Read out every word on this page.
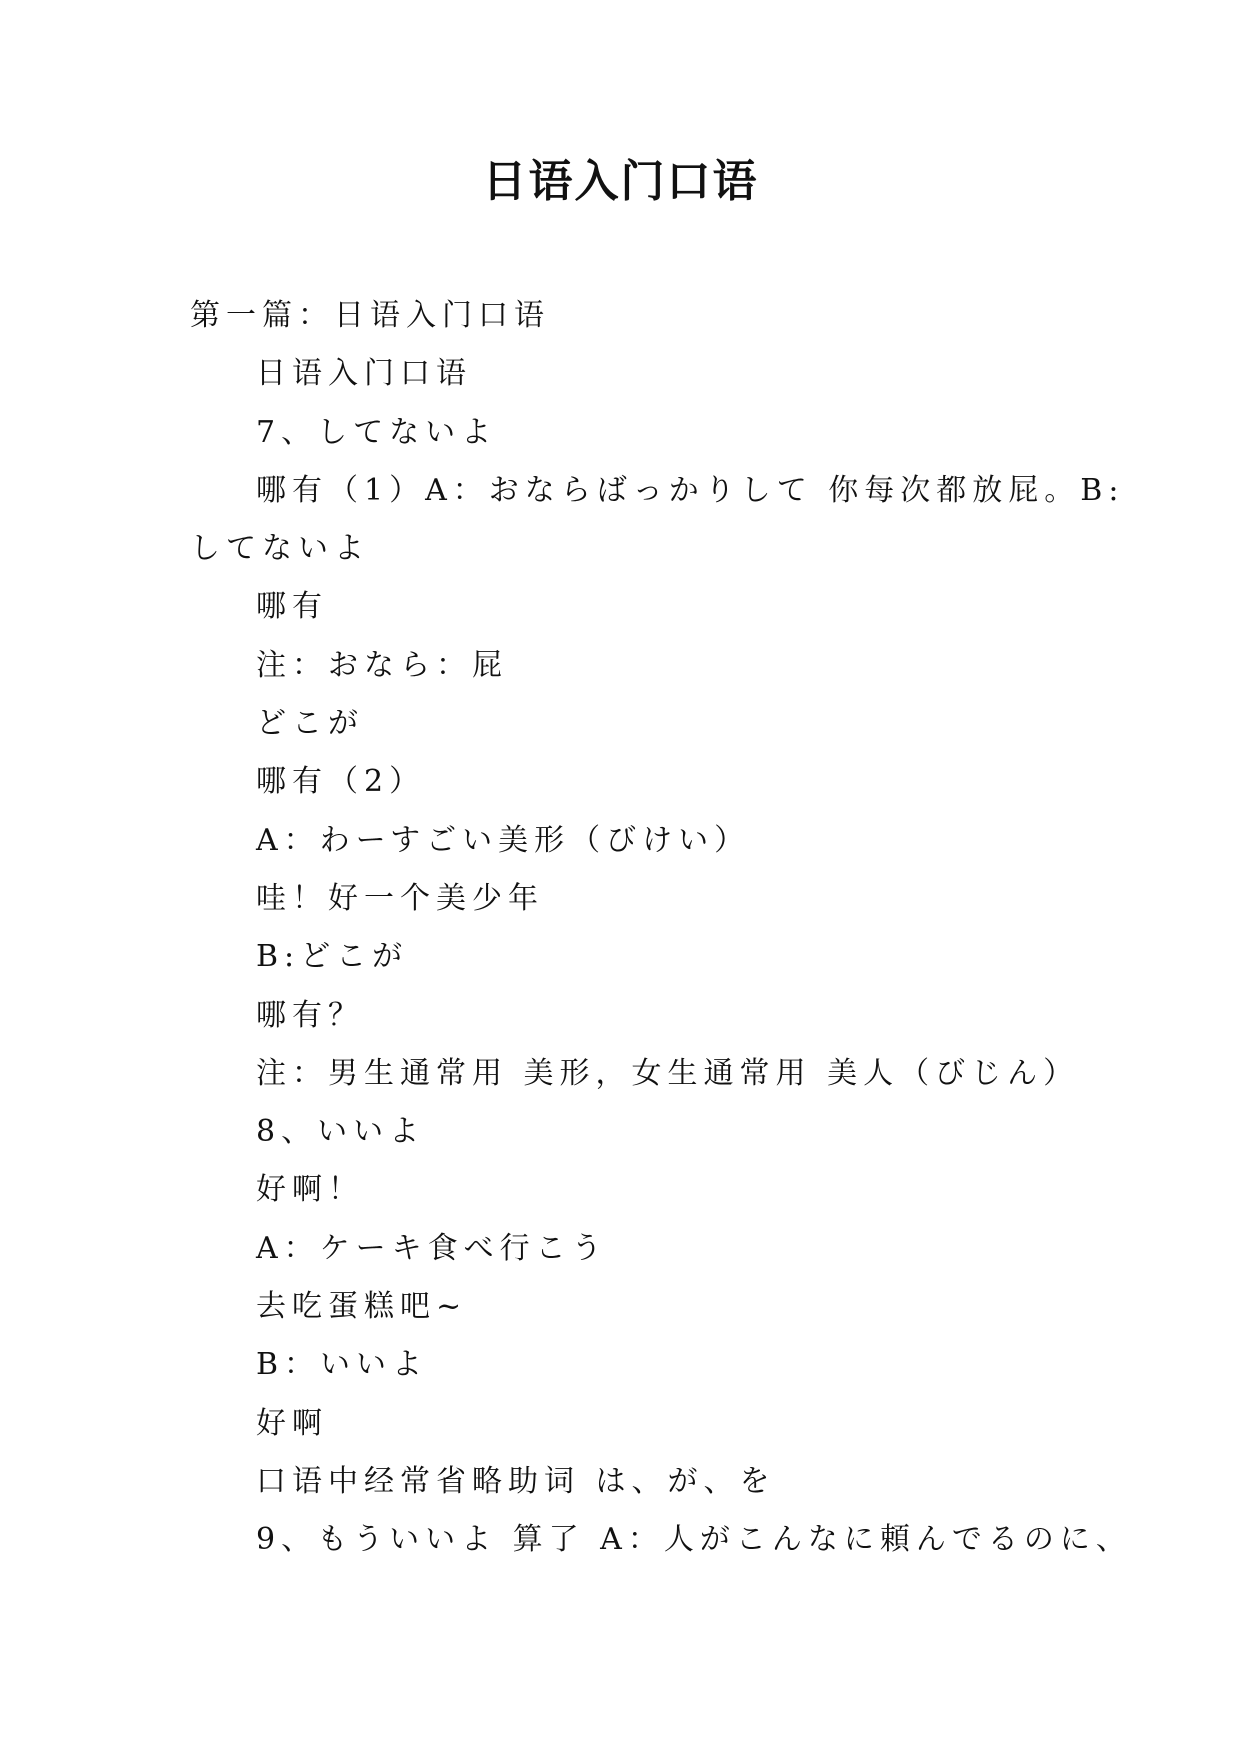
日语入门口语
第一篇：日语入门口语
日语入门口语
7、してないよ
哪有（1）A：おならばっかりして 你每次都放屁。B:
してないよ
哪有
注：おなら：屁
どこが
哪有（2）
A：わーすごい美形（びけい）
哇！好一个美少年
B:どこが
哪有？
注：男生通常用 美形，女生通常用 美人（びじん）
8、いいよ
好啊！
A：ケーキ食べ行こう
去吃蛋糕吧~
B：いいよ
好啊
口语中经常省略助词 は、が、を
9、もういいよ 算了 A：人がこんなに頼んでるのに、
